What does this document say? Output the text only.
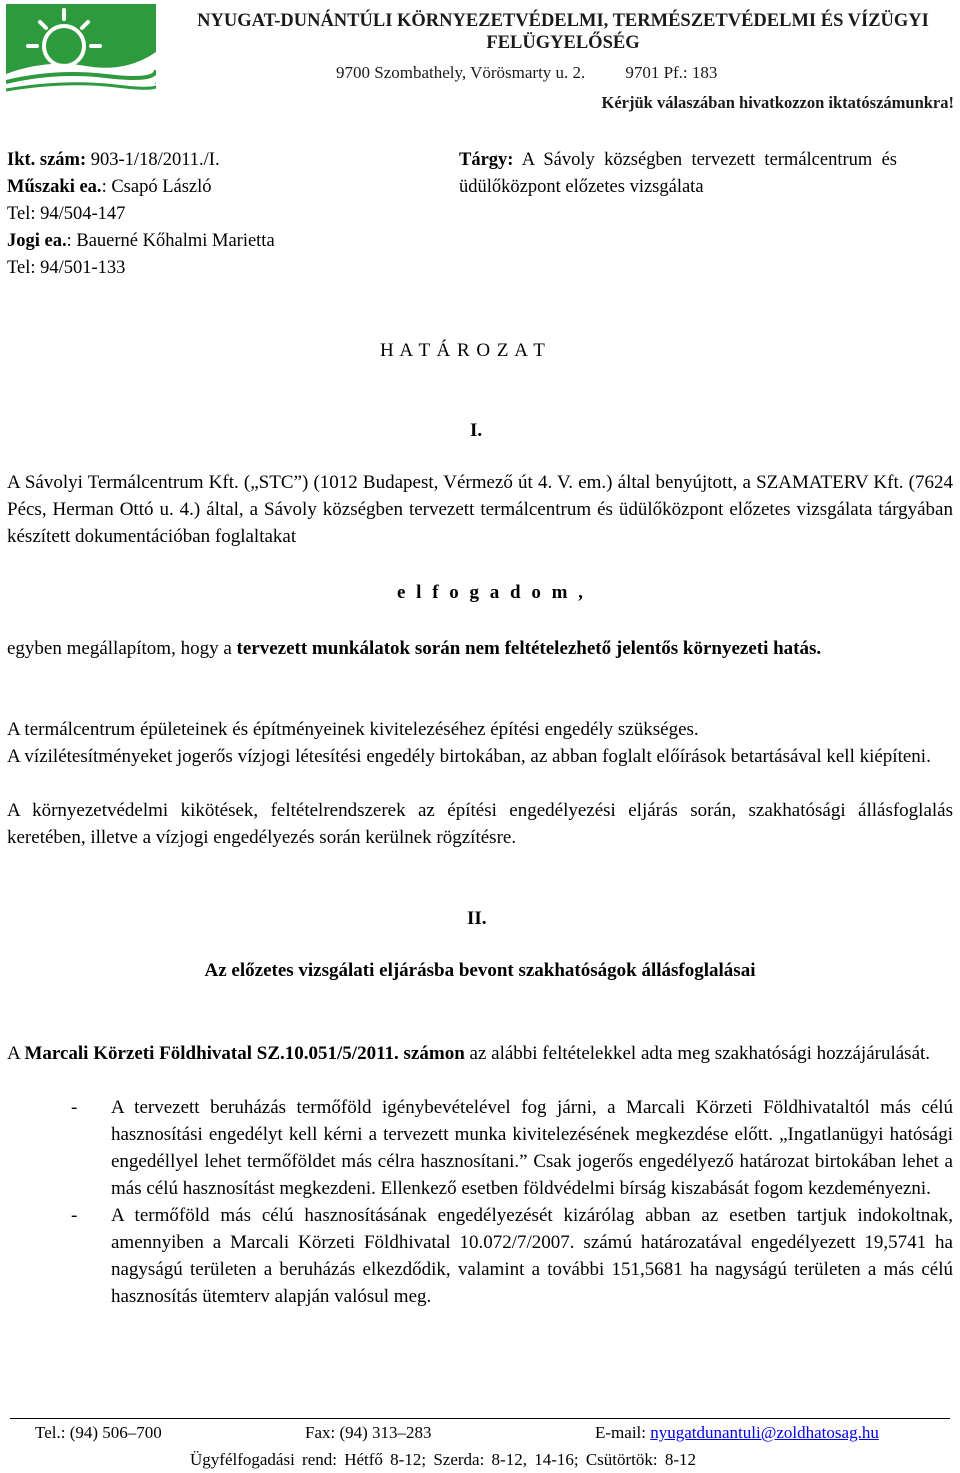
NYUGAT-DUNÁNTÚLI KÖRNYEZETVÉDELMI, TERMÉSZETVÉDELMI ÉS VÍZÜGYI FELÜGYELŐSÉG
9700 Szombathely, Vörösmarty u. 2. 9701 Pf.: 183
Kérjük válaszában hivatkozzon iktatószámunkra!
Ikt. szám: 903-1/18/2011./I.
Műszaki ea.: Csapó László
Tel: 94/504-147
Jogi ea.: Bauerné Kőhalmi Marietta
Tel: 94/501-133
Tárgy: A Sávoly községben tervezett termálcentrum és üdülőközpont előzetes vizsgálata
H A T Á R O Z A T
I.
A Sávolyi Termálcentrum Kft. („STC”) (1012 Budapest, Vérmező út 4. V. em.) által benyújtott, a SZAMATERV Kft. (7624 Pécs, Herman Ottó u. 4.) által, a Sávoly községben tervezett termálcentrum és üdülőközpont előzetes vizsgálata tárgyában készített dokumentációban foglaltakat
e l f o g a d o m ,
egyben megállapítom, hogy a tervezett munkálatok során nem feltételezhető jelentős környezeti hatás.
A termálcentrum épületeinek és építményeinek kivitelezéséhez építési engedély szükséges.
A vízilétesítményeket jogerős vízjogi létesítési engedély birtokában, az abban foglalt előírások betartásával kell kiépíteni.
A környezetvédelmi kikötések, feltételrendszerek az építési engedélyezési eljárás során, szakhatósági állásfoglalás keretében, illetve a vízjogi engedélyezés során kerülnek rögzítésre.
II.
Az előzetes vizsgálati eljárásba bevont szakhatóságok állásfoglalásai
A Marcali Körzeti Földhivatal SZ.10.051/5/2011. számon az alábbi feltételekkel adta meg szakhatósági hozzájárulását.
-	A tervezett beruházás termőföld igénybevételével fog járni, a Marcali Körzeti Földhivataltól más célú hasznosítási engedélyt kell kérni a tervezett munka kivitelezésének megkezdése előtt. „Ingatlanügyi hatósági engedéllyel lehet termőföldet más célra hasznosítani.” Csak jogerős engedélyező határozat birtokában lehet a más célú hasznosítást megkezdeni. Ellenkező esetben földvédelmi bírság kiszabását fogom kezdeményezni.
-	A termőföld más célú hasznosításának engedélyezését kizárólag abban az esetben tartjuk indokoltnak, amennyiben a Marcali Körzeti Földhivatal 10.072/7/2007. számú határozatával engedélyezett 19,5741 ha nagyságú területen a beruházás elkezdődik, valamint a további 151,5681 ha nagyságú területen a más célú hasznosítás ütemterv alapján valósul meg.
Tel.: (94) 506–700	Fax: (94) 313–283	E-mail: nyugatdunantuli@zoldhatosag.hu
Ügyfélfogadási rend: Hétfő 8-12; Szerda: 8-12, 14-16; Csütörtök: 8-12
